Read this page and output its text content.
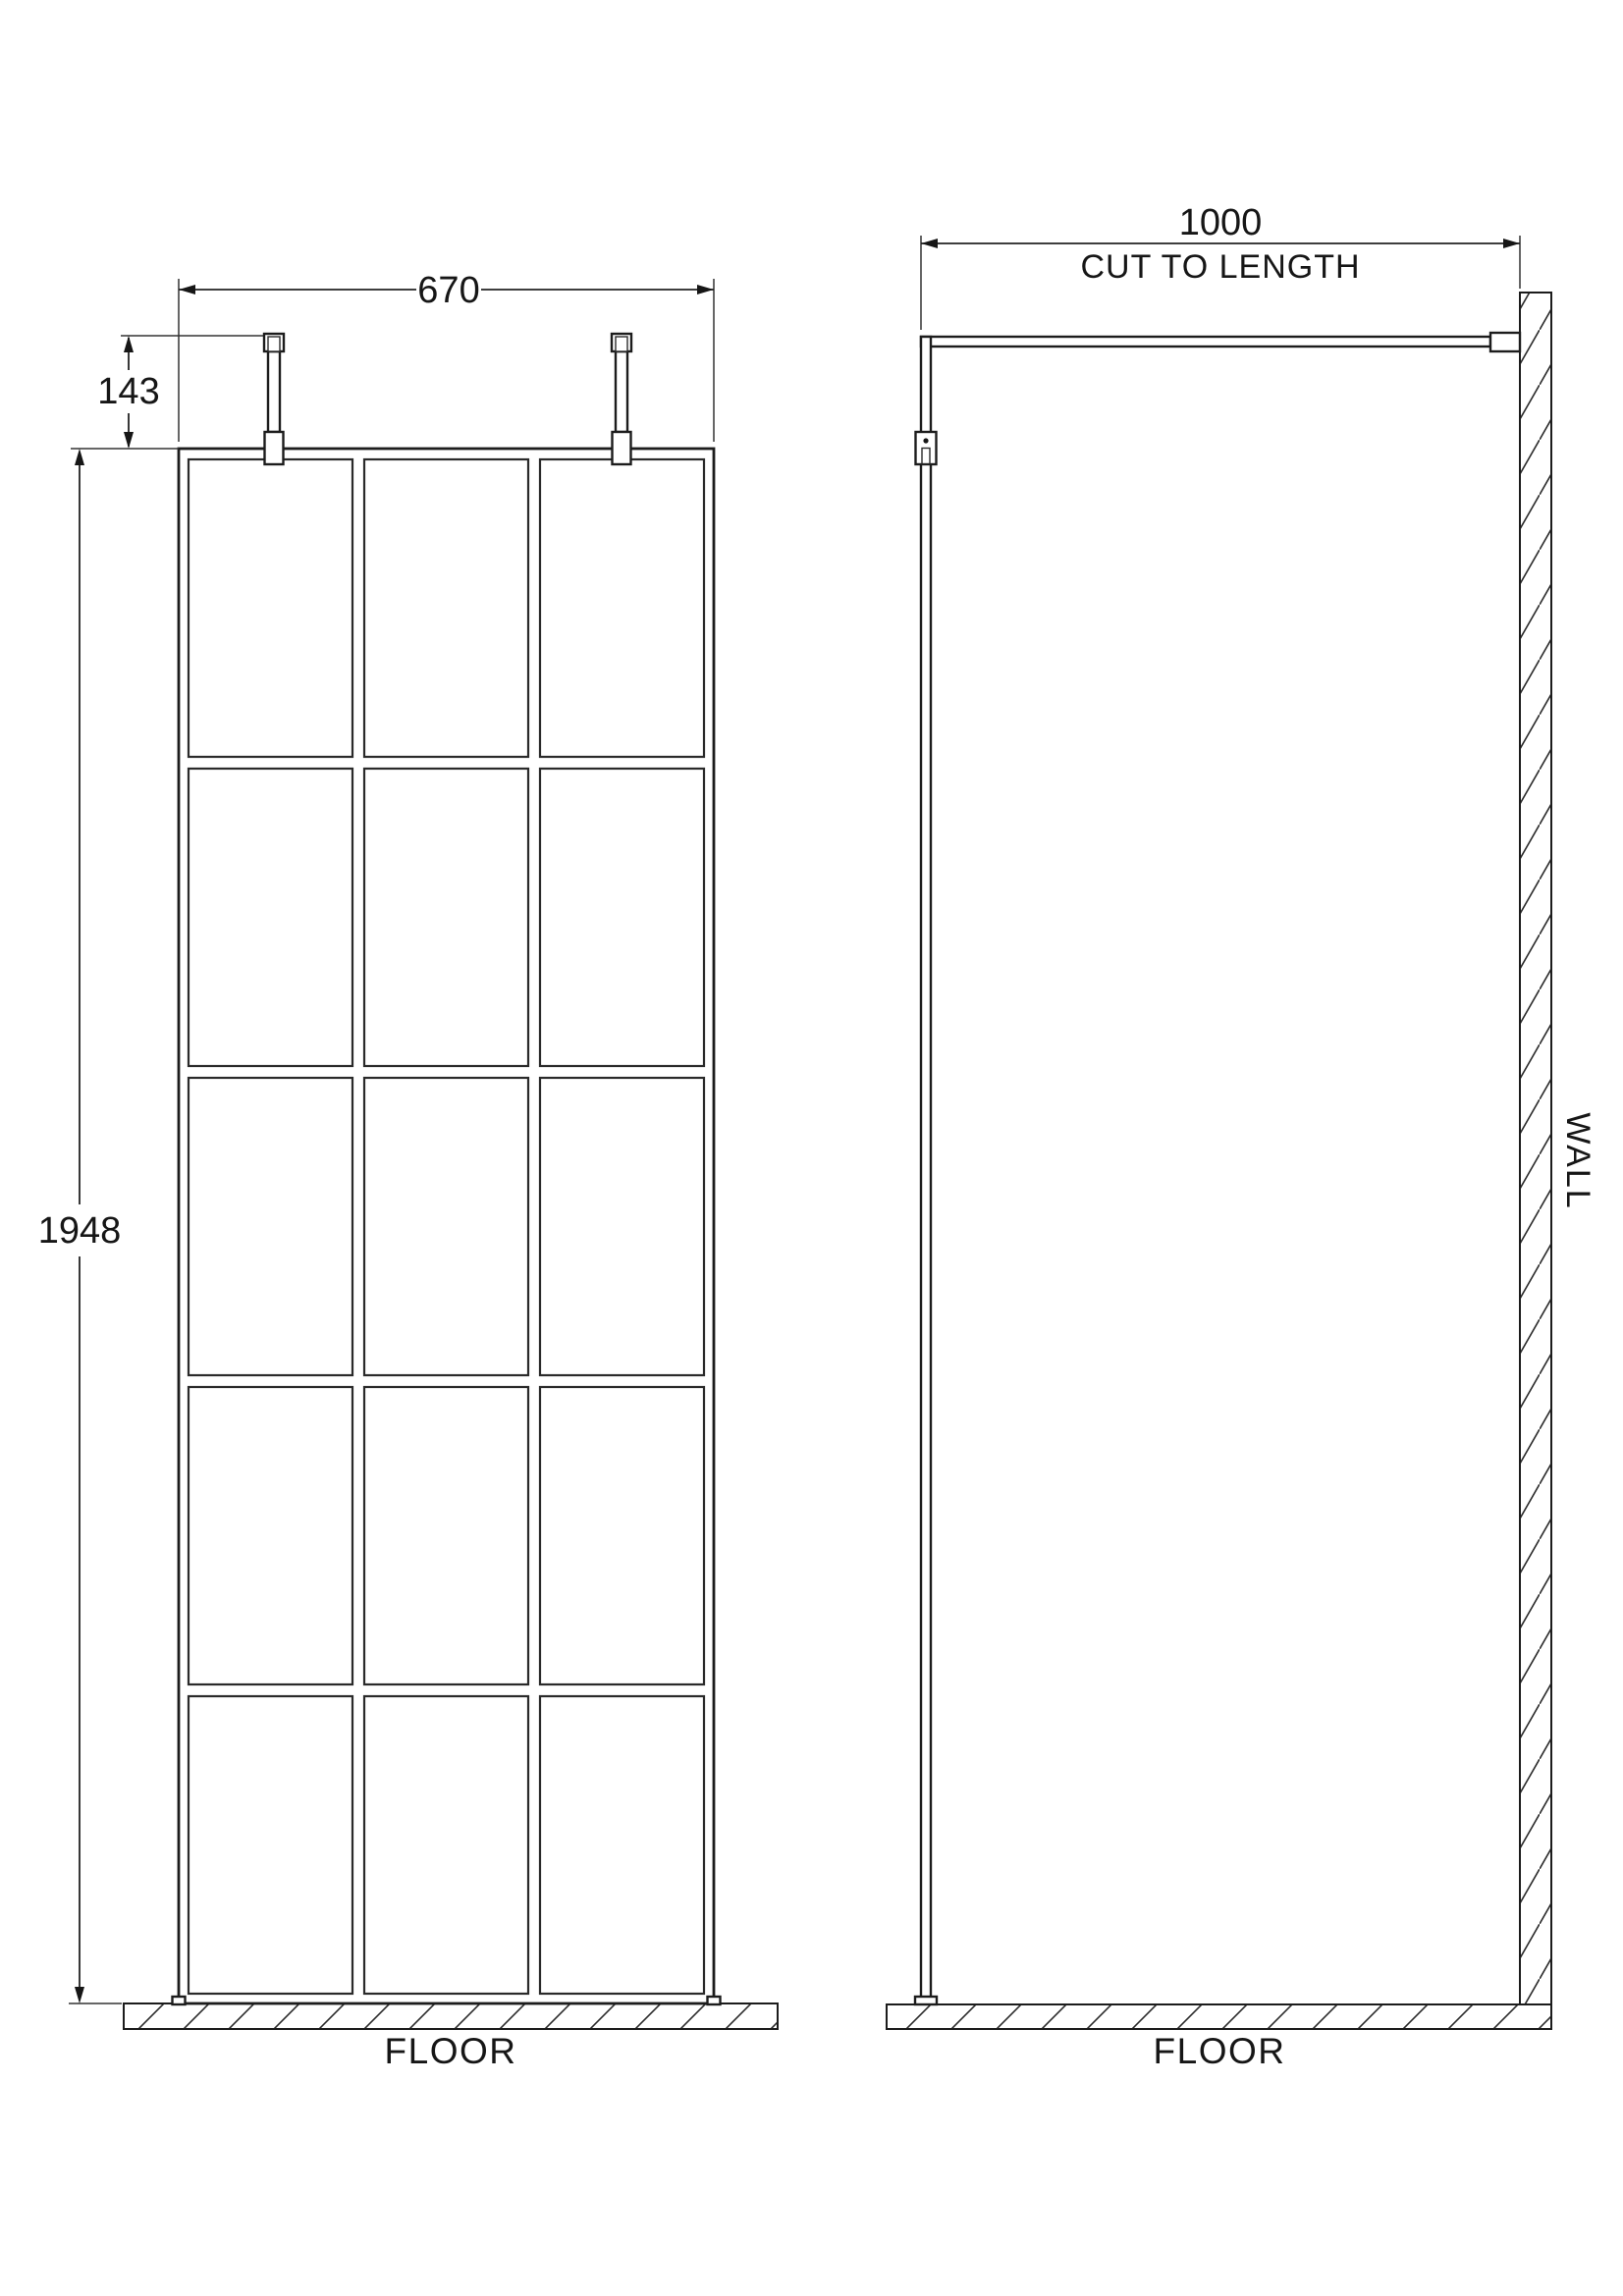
670
143
1948
FLOOR
1000
CUT TO LENGTH
WALL
FLOOR
